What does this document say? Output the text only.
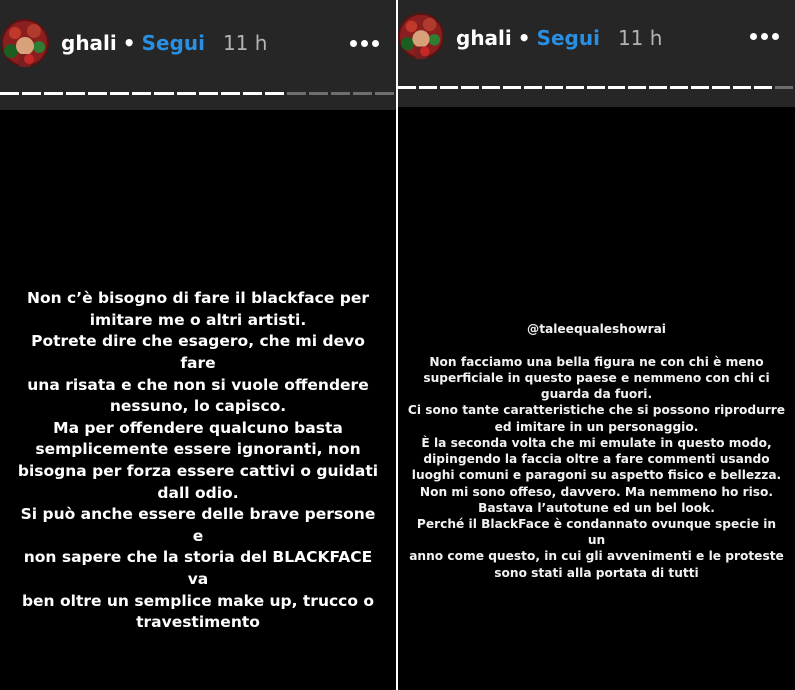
ghali • Segui 11 h
Non c’è bisogno di fare il blackface per
imitare me o altri artisti.
Potrete dire che esagero, che mi devo fare
una risata e che non si vuole offendere
nessuno, lo capisco.
Ma per offendere qualcuno basta
semplicemente essere ignoranti, non
bisogna per forza essere cattivi o guidati
dall odio.
Si può anche essere delle brave persone e
non sapere che la storia del BLACKFACE va
ben oltre un semplice make up, trucco o
travestimento
ghali • Segui 11 h

@taleequaleshowrai

Non facciamo una bella figura ne con chi è meno
superficiale in questo paese e nemmeno con chi ci
guarda da fuori.
Ci sono tante caratteristiche che si possono riprodurre
ed imitare in un personaggio.
È la seconda volta che mi emulate in questo modo,
dipingendo la faccia oltre a fare commenti usando
luoghi comuni e paragoni su aspetto fisico e bellezza.
Non mi sono offeso, davvero. Ma nemmeno ho riso.
Bastava l’autotune ed un bel look.
Perché il BlackFace è condannato ovunque specie in un
anno come questo, in cui gli avvenimenti e le proteste
sono stati alla portata di tutti
